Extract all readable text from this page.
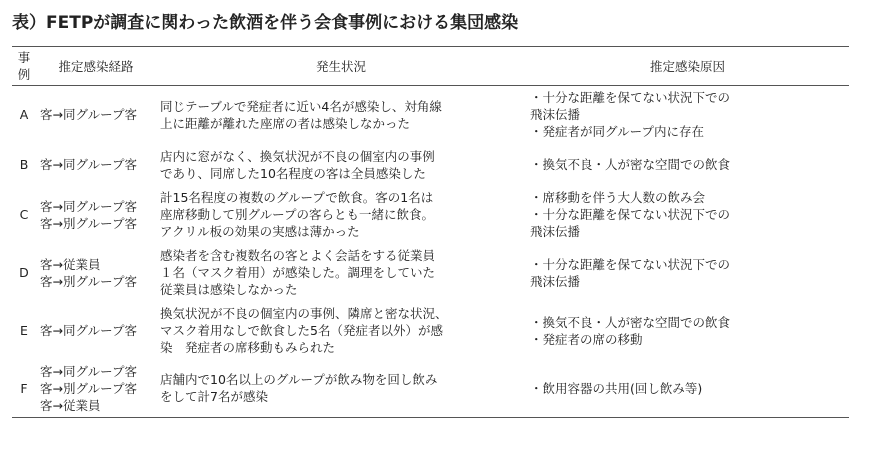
表）FETPが調査に関わった飲酒を伴う会食事例における集団感染
事
例	推定感染経路	発生状況	推定感染原因
A	客→同グループ客	同じテーブルで発症者に近い4名が感染し、対角線
上に距離が離れた座席の者は感染しなかった	・十分な距離を保てない状況下での
飛沫伝播
・発症者が同グループ内に存在

B	客→同グループ客	店内に窓がなく、換気状況が不良の個室内の事例
であり、同席した10名程度の客は全員感染した	・換気不良・人が密な空間での飲食

C	客→同グループ客
客→別グループ客	計15名程度の複数のグループで飲食。客の1名は
座席移動して別グループの客らとも一緒に飲食。
アクリル板の効果の実感は薄かった	・席移動を伴う大人数の飲み会
・十分な距離を保てない状況下での
飛沫伝播

D	客→従業員
客→別グループ客	感染者を含む複数名の客とよく会話をする従業員
１名（マスク着用）が感染した。調理をしていた
従業員は感染しなかった	・十分な距離を保てない状況下での
飛沫伝播

E	客→同グループ客	換気状況が不良の個室内の事例、隣席と密な状況、
マスク着用なしで飲食した5名（発症者以外）が感
染　発症者の席移動もみられた	・換気不良・人が密な空間での飲食
・発症者の席の移動

F	客→同グループ客
客→別グループ客
客→従業員	店舗内で10名以上のグループが飲み物を回し飲み
をして計7名が感染	・飲用容器の共用(回し飲み等)
